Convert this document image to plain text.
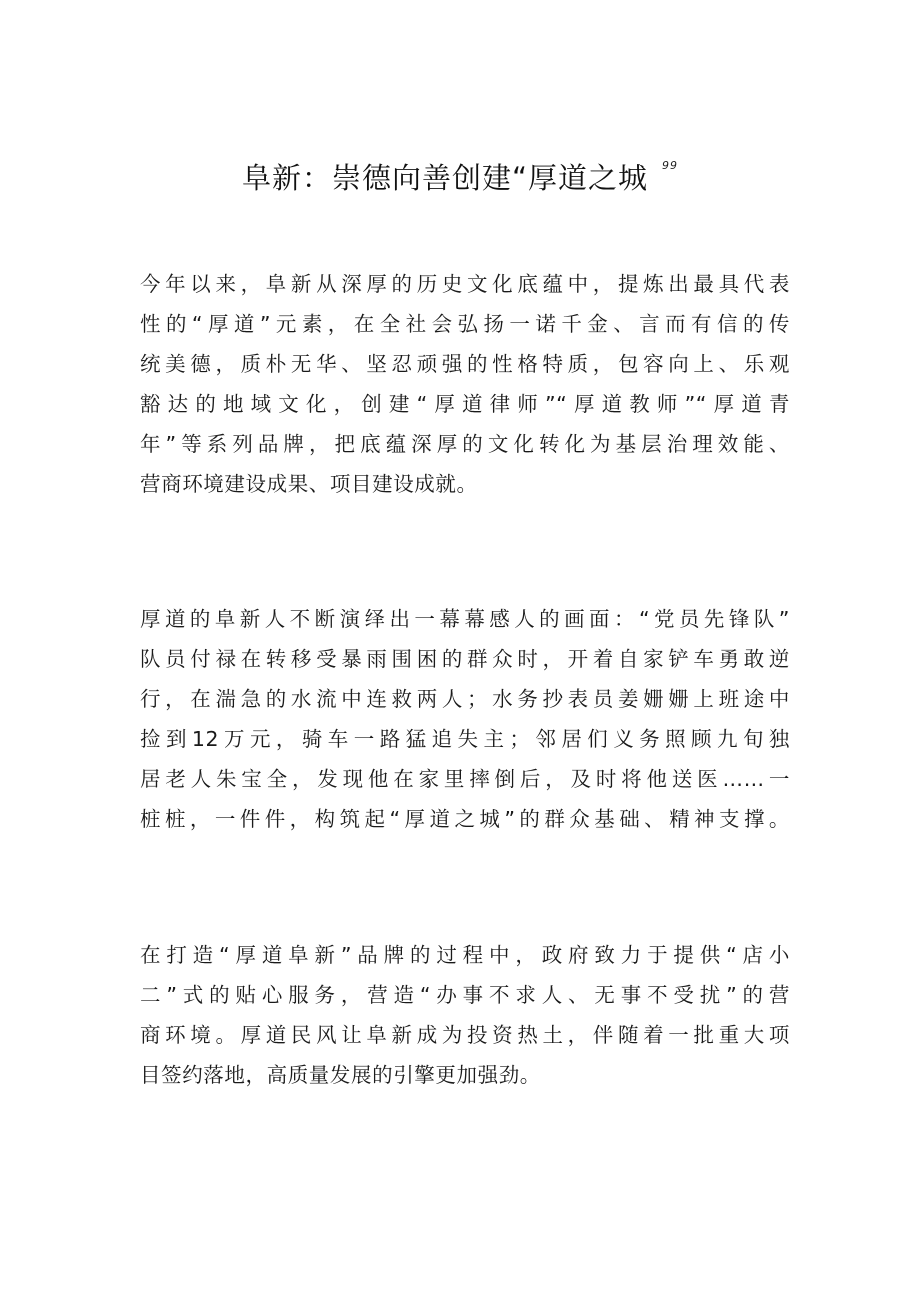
阜新：崇德向善创建“厚道之城 99
今年以来，阜新从深厚的历史文化底蕴中，提炼出最具代表
性的“厚道”元素，在全社会弘扬一诺千金、言而有信的传
统美德，质朴无华、坚忍顽强的性格特质，包容向上、乐观
豁达的地域文化，创建“厚道律师”“厚道教师”“厚道青
年”等系列品牌，把底蕴深厚的文化转化为基层治理效能、
营商环境建设成果、项目建设成就。
厚道的阜新人不断演绎出一幕幕感人的画面：“党员先锋队”
队员付禄在转移受暴雨围困的群众时，开着自家铲车勇敢逆
行，在湍急的水流中连救两人；水务抄表员姜姗姗上班途中
捡到12万元，骑车一路猛追失主；邻居们义务照顾九旬独
居老人朱宝全，发现他在家里摔倒后，及时将他送医……一
桩桩，一件件，构筑起“厚道之城”的群众基础、精神支撑。
在打造“厚道阜新”品牌的过程中，政府致力于提供“店小
二”式的贴心服务，营造“办事不求人、无事不受扰”的营
商环境。厚道民风让阜新成为投资热土，伴随着一批重大项
目签约落地，高质量发展的引擎更加强劲。
